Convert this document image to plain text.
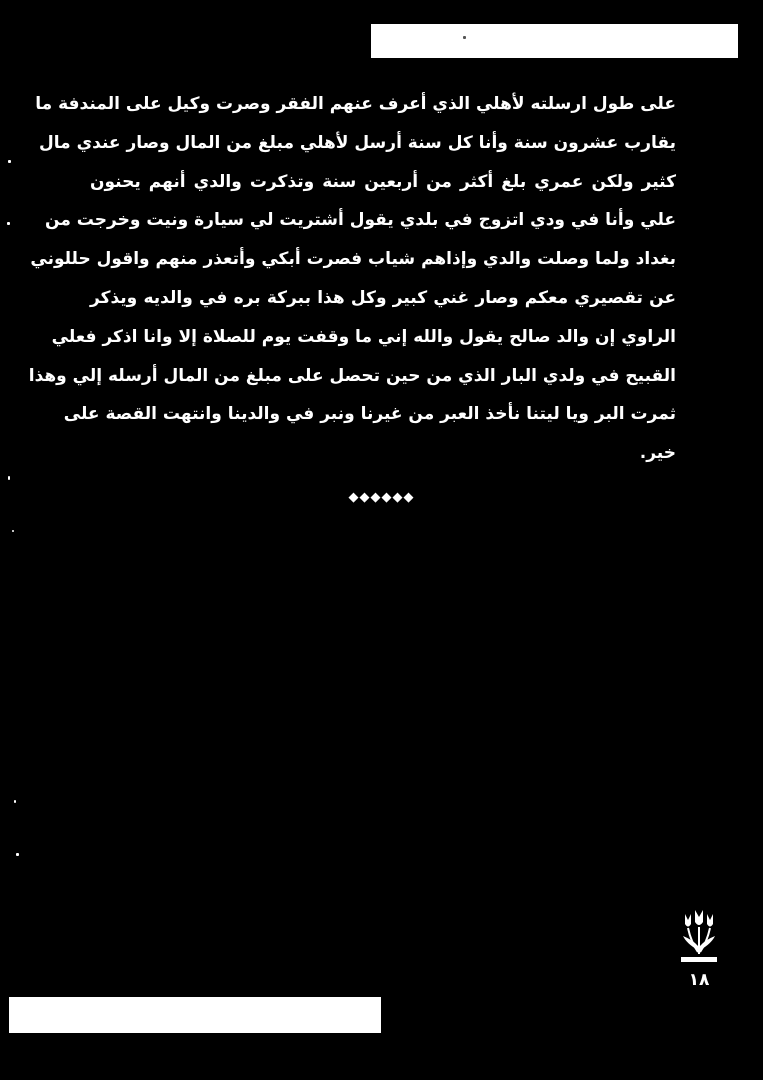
على طول ارسلته لأهلي الذي أعرف عنهم الفقر وصرت وكيل على المندفة ما
يقارب عشرون سنة وأنا كل سنة أرسل لأهلي مبلغ من المال وصار عندي مال
كثير ولكن عمري بلغ أكثر من أربعين سنة وتذكرت والدي أنهم يحنون
علي وأنا في ودي اتزوج في بلدي يقول أشتريت لي سيارة ونيت وخرجت من
بغداد ولما وصلت والدي وإذاهم شياب فصرت أبكي وأتعذر منهم واقول حللوني
عن تقصيري معكم وصار غني كبير وكل هذا ببركة بره في والديه ويذكر
الراوي إن والد صالح يقول والله إني ما وقفت يوم للصلاة إلا وانا اذكر فعلي
القبيح في ولدي البار الذي من حين تحصل على مبلغ من المال أرسله إلي وهذا
ثمرت البر ويا ليتنا نأخذ العبر من غيرنا ونبر في والدينا وانتهت القصة على
خير.
◆◆◆◆◆◆
١٨
